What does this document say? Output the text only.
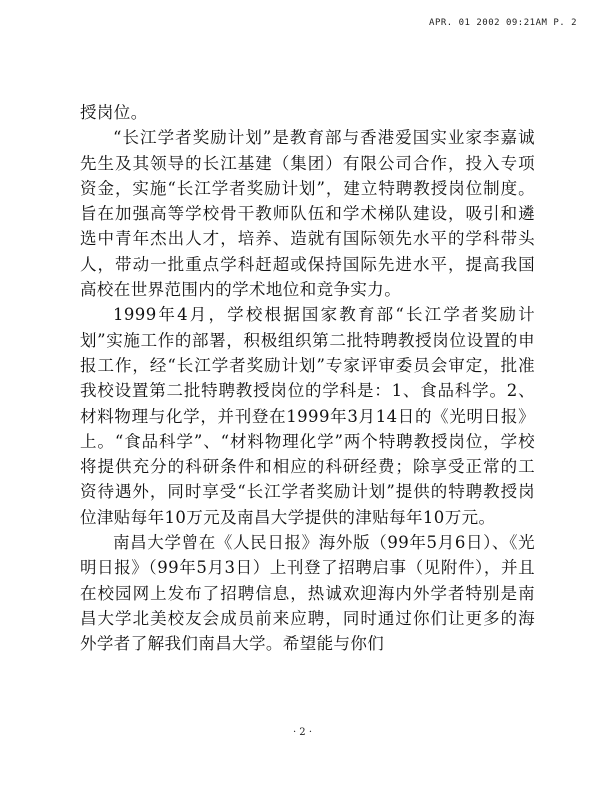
APR. 01 2002 09:21AM P. 2

授岗位。

“长江学者奖励计划”是教育部与香港爱国实业家李嘉诚先生及其领导的长江基建（集团）有限公司合作，投入专项资金，实施“长江学者奖励计划”，建立特聘教授岗位制度。旨在加强高等学校骨干教师队伍和学术梯队建设，吸引和遴选中青年杰出人才，培养、造就有国际领先水平的学科带头人，带动一批重点学科赶超或保持国际先进水平，提高我国高校在世界范围内的学术地位和竞争实力。

1999年4月，学校根据国家教育部“长江学者奖励计划”实施工作的部署，积极组织第二批特聘教授岗位设置的申报工作，经“长江学者奖励计划”专家评审委员会审定，批准我校设置第二批特聘教授岗位的学科是：1、食品科学。2、材料物理与化学，并刊登在1999年3月14日的《光明日报》上。“食品科学”、“材料物理化学”两个特聘教授岗位，学校将提供充分的科研条件和相应的科研经费；除享受正常的工资待遇外，同时享受“长江学者奖励计划”提供的特聘教授岗位津贴每年10万元及南昌大学提供的津贴每年10万元。

南昌大学曾在《人民日报》海外版（99年5月6日）、《光明日报》（99年5月3日）上刊登了招聘启事（见附件），并且在校园网上发布了招聘信息，热诚欢迎海内外学者特别是南昌大学北美校友会成员前来应聘，同时通过你们让更多的海外学者了解我们南昌大学。希望能与你们

· 2 ·
